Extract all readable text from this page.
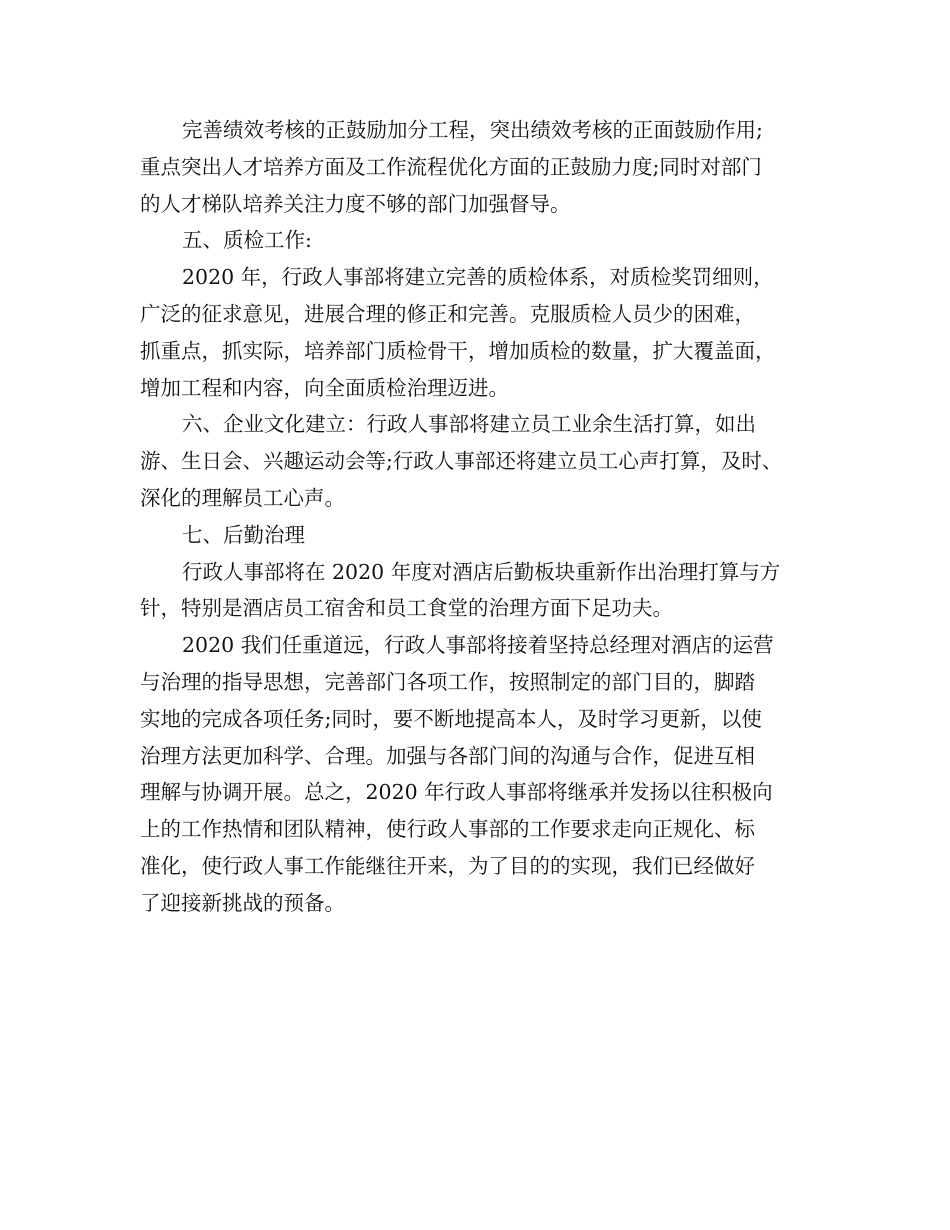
完善绩效考核的正鼓励加分工程，突出绩效考核的正面鼓励作用;
重点突出人才培养方面及工作流程优化方面的正鼓励力度;同时对部门
的人才梯队培养关注力度不够的部门加强督导。
五、质检工作:
2020 年，行政人事部将建立完善的质检体系，对质检奖罚细则，
广泛的征求意见，进展合理的修正和完善。克服质检人员少的困难，
抓重点，抓实际，培养部门质检骨干，增加质检的数量，扩大覆盖面，
增加工程和内容，向全面质检治理迈进。
六、企业文化建立：行政人事部将建立员工业余生活打算，如出
游、生日会、兴趣运动会等;行政人事部还将建立员工心声打算，及时、
深化的理解员工心声。
七、后勤治理
行政人事部将在 2020 年度对酒店后勤板块重新作出治理打算与方
针，特别是酒店员工宿舍和员工食堂的治理方面下足功夫。
2020 我们任重道远，行政人事部将接着坚持总经理对酒店的运营
与治理的指导思想，完善部门各项工作，按照制定的部门目的，脚踏
实地的完成各项任务;同时，要不断地提高本人，及时学习更新，以使
治理方法更加科学、合理。加强与各部门间的沟通与合作，促进互相
理解与协调开展。总之，2020 年行政人事部将继承并发扬以往积极向
上的工作热情和团队精神，使行政人事部的工作要求走向正规化、标
准化，使行政人事工作能继往开来，为了目的的实现，我们已经做好
了迎接新挑战的预备。
